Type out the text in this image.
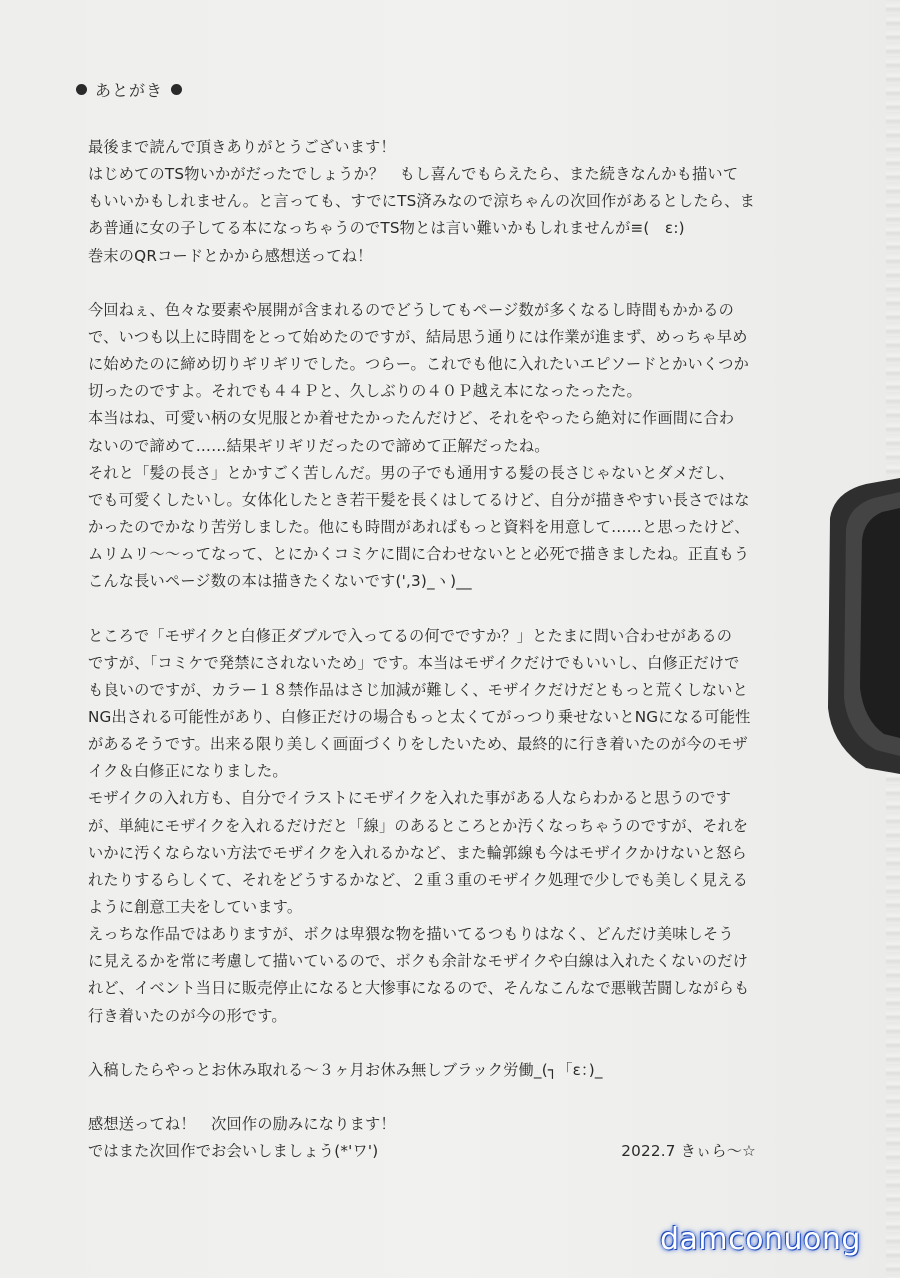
あとがき
最後まで読んで頂きありがとうございます！
はじめてのTS物いかがだったでしょうか？　もし喜んでもらえたら、また続きなんかも描いて
もいいかもしれません。と言っても、すでにTS済みなので涼ちゃんの次回作があるとしたら、ま
あ普通に女の子してる本になっちゃうのでTS物とは言い難いかもしれませんが≡(　ε:)
巻末のQRコードとかから感想送ってね！
今回ねぇ、色々な要素や展開が含まれるのでどうしてもページ数が多くなるし時間もかかるの
で、いつも以上に時間をとって始めたのですが、結局思う通りには作業が進まず、めっちゃ早め
に始めたのに締め切りギリギリでした。つらー。これでも他に入れたいエピソードとかいくつか
切ったのですよ。それでも４４Ｐと、久しぶりの４０Ｐ越え本になったったた。
本当はね、可愛い柄の女児服とか着せたかったんだけど、それをやったら絶対に作画間に合わ
ないので諦めて……結果ギリギリだったので諦めて正解だったね。
それと「髪の長さ」とかすごく苦しんだ。男の子でも通用する髪の長さじゃないとダメだし、
でも可愛くしたいし。女体化したとき若干髪を長くはしてるけど、自分が描きやすい長さではな
かったのでかなり苦労しました。他にも時間があればもっと資料を用意して……と思ったけど、
ムリムリ〜〜ってなって、とにかくコミケに間に合わせないとと必死で描きましたね。正直もう
こんな長いページ数の本は描きたくないです(',3)_ヽ)__
ところで「モザイクと白修正ダブルで入ってるの何でですか？」とたまに問い合わせがあるの
ですが、「コミケで発禁にされないため」です。本当はモザイクだけでもいいし、白修正だけで
も良いのですが、カラー１８禁作品はさじ加減が難しく、モザイクだけだともっと荒くしないと
NG出される可能性があり、白修正だけの場合もっと太くてがっつり乗せないとNGになる可能性
があるそうです。出来る限り美しく画面づくりをしたいため、最終的に行き着いたのが今のモザ
イク＆白修正になりました。
モザイクの入れ方も、自分でイラストにモザイクを入れた事がある人ならわかると思うのです
が、単純にモザイクを入れるだけだと「線」のあるところとか汚くなっちゃうのですが、それを
いかに汚くならない方法でモザイクを入れるかなど、また輪郭線も今はモザイクかけないと怒ら
れたりするらしくて、それをどうするかなど、２重３重のモザイク処理で少しでも美しく見える
ように創意工夫をしています。
えっちな作品ではありますが、ボクは卑猥な物を描いてるつもりはなく、どんだけ美味しそう
に見えるかを常に考慮して描いているので、ボクも余計なモザイクや白線は入れたくないのだけ
れど、イベント当日に販売停止になると大惨事になるので、そんなこんなで悪戦苦闘しながらも
行き着いたのが今の形です。
入稿したらやっとお休み取れる〜３ヶ月お休み無しブラック労働_(┐「ε：)_
感想送ってね！　次回作の励みになります！
ではまた次回作でお会いしましょう(*'ワ')	2022.7 きぃら〜☆
damconuong
